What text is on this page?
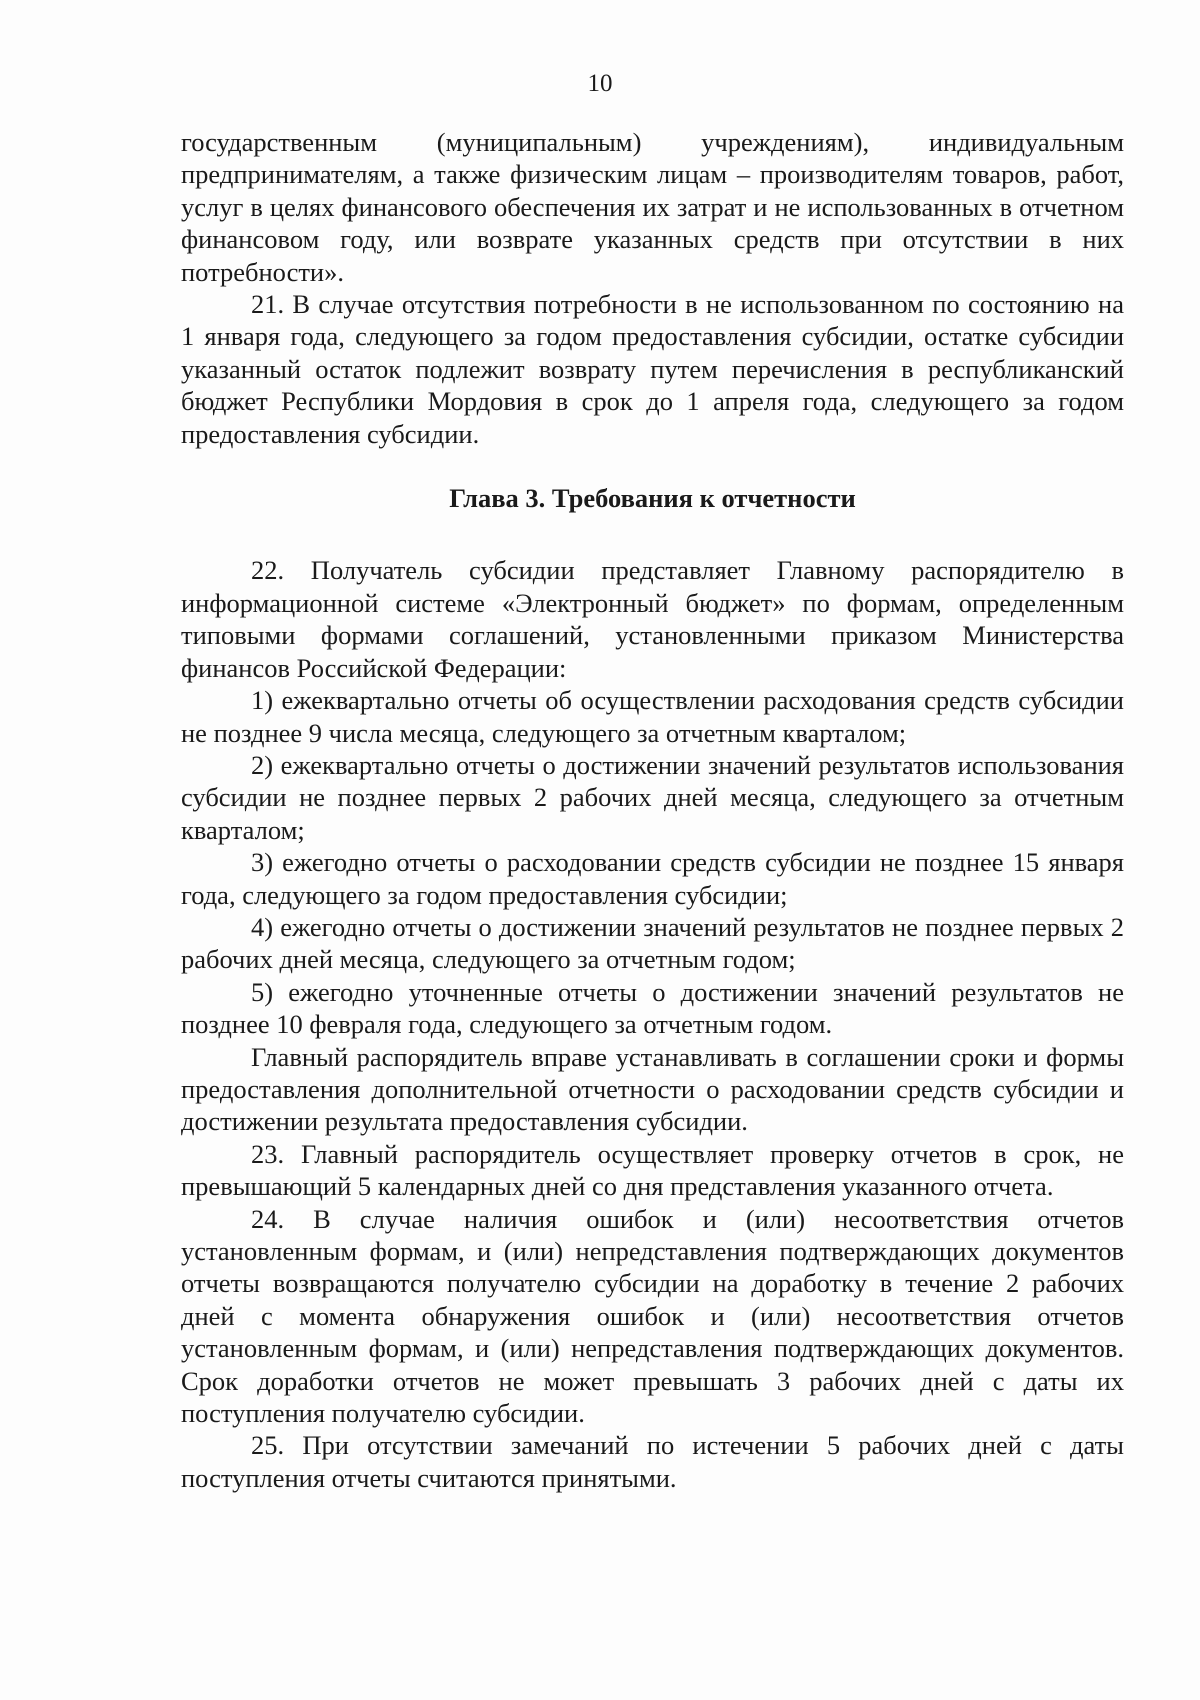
10

государственным (муниципальным) учреждениям), индивидуальным предпринимателям, а также физическим лицам – производителям товаров, работ, услуг в целях финансового обеспечения их затрат и не использованных в отчетном финансовом году, или возврате указанных средств при отсутствии в них потребности».

21. В случае отсутствия потребности в не использованном по состоянию на 1 января года, следующего за годом предоставления субсидии, остатке субсидии указанный остаток подлежит возврату путем перечисления в республиканский бюджет Республики Мордовия в срок до 1 апреля года, следующего за годом предоставления субсидии.

Глава 3. Требования к отчетности

22. Получатель субсидии представляет Главному распорядителю в информационной системе «Электронный бюджет» по формам, определенным типовыми формами соглашений, установленными приказом Министерства финансов Российской Федерации:

1) ежеквартально отчеты об осуществлении расходования средств субсидии не позднее 9 числа месяца, следующего за отчетным кварталом;

2) ежеквартально отчеты о достижении значений результатов использования субсидии не позднее первых 2 рабочих дней месяца, следующего за отчетным кварталом;

3) ежегодно отчеты о расходовании средств субсидии не позднее 15 января года, следующего за годом предоставления субсидии;

4) ежегодно отчеты о достижении значений результатов не позднее первых 2 рабочих дней месяца, следующего за отчетным годом;

5) ежегодно уточненные отчеты о достижении значений результатов не позднее 10 февраля года, следующего за отчетным годом.

Главный распорядитель вправе устанавливать в соглашении сроки и формы предоставления дополнительной отчетности о расходовании средств субсидии и достижении результата предоставления субсидии.

23. Главный распорядитель осуществляет проверку отчетов в срок, не превышающий 5 календарных дней со дня представления указанного отчета.

24. В случае наличия ошибок и (или) несоответствия отчетов установленным формам, и (или) непредставления подтверждающих документов отчеты возвращаются получателю субсидии на доработку в течение 2 рабочих дней с момента обнаружения ошибок и (или) несоответствия отчетов установленным формам, и (или) непредставления подтверждающих документов. Срок доработки отчетов не может превышать 3 рабочих дней с даты их поступления получателю субсидии.

25. При отсутствии замечаний по истечении 5 рабочих дней с даты поступления отчеты считаются принятыми.
